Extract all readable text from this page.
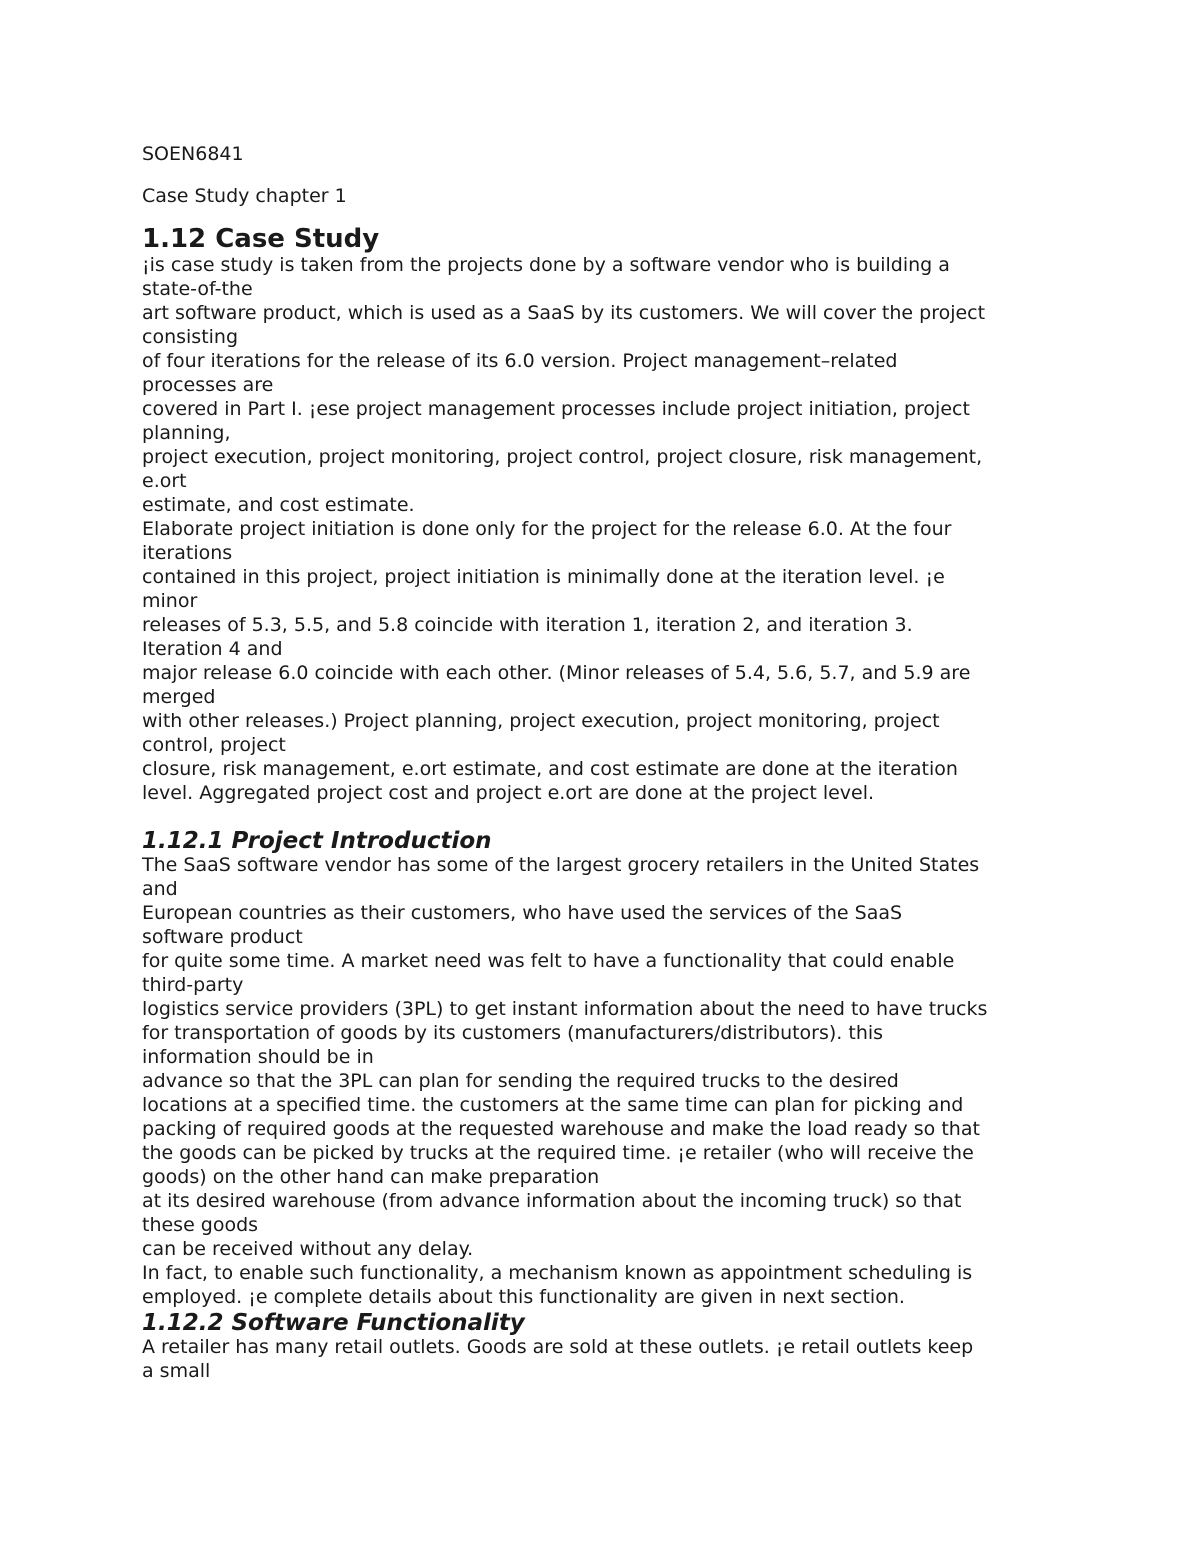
SOEN6841
Case Study chapter 1
1.12 Case Study
¡is case study is taken from the projects done by a software vendor who is building a
state-of-the
art software product, which is used as a SaaS by its customers. We will cover the project
consisting
of four iterations for the release of its 6.0 version. Project management–related
processes are
covered in Part I. ¡ese project management processes include project initiation, project
planning,
project execution, project monitoring, project control, project closure, risk management,
e.ort
estimate, and cost estimate.
Elaborate project initiation is done only for the project for the release 6.0. At the four
iterations
contained in this project, project initiation is minimally done at the iteration level. ¡e
minor
releases of 5.3, 5.5, and 5.8 coincide with iteration 1, iteration 2, and iteration 3.
Iteration 4 and
major release 6.0 coincide with each other. (Minor releases of 5.4, 5.6, 5.7, and 5.9 are
merged
with other releases.) Project planning, project execution, project monitoring, project
control, project
closure, risk management, e.ort estimate, and cost estimate are done at the iteration
level. Aggregated project cost and project e.ort are done at the project level.
1.12.1 Project Introduction
The SaaS software vendor has some of the largest grocery retailers in the United States
and
European countries as their customers, who have used the services of the SaaS
software product
for quite some time. A market need was felt to have a functionality that could enable
third-party
logistics service providers (3PL) to get instant information about the need to have trucks
for transportation of goods by its customers (manufacturers/distributors). this
information should be in
advance so that the 3PL can plan for sending the required trucks to the desired
locations at a specified time. the customers at the same time can plan for picking and
packing of required goods at the requested warehouse and make the load ready so that
the goods can be picked by trucks at the required time. ¡e retailer (who will receive the
goods) on the other hand can make preparation
at its desired warehouse (from advance information about the incoming truck) so that
these goods
can be received without any delay.
In fact, to enable such functionality, a mechanism known as appointment scheduling is
employed. ¡e complete details about this functionality are given in next section.
1.12.2 Software Functionality
A retailer has many retail outlets. Goods are sold at these outlets. ¡e retail outlets keep
a small
